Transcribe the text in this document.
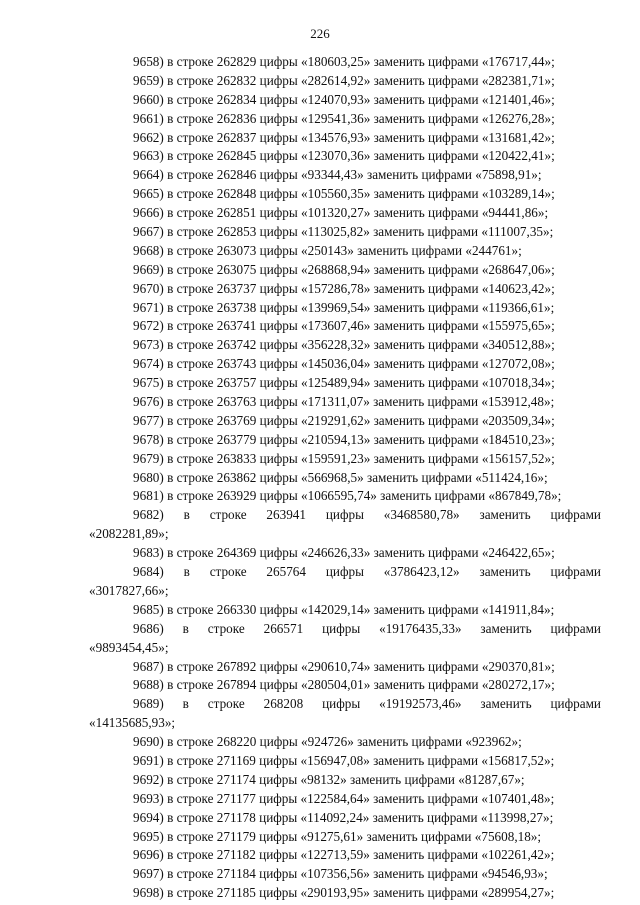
226
9658) в строке 262829 цифры «180603,25» заменить цифрами «176717,44»;
9659) в строке 262832 цифры «282614,92» заменить цифрами «282381,71»;
9660) в строке 262834 цифры «124070,93» заменить цифрами «121401,46»;
9661) в строке 262836 цифры «129541,36» заменить цифрами «126276,28»;
9662) в строке 262837 цифры «134576,93» заменить цифрами «131681,42»;
9663) в строке 262845 цифры «123070,36» заменить цифрами «120422,41»;
9664) в строке 262846 цифры «93344,43» заменить цифрами «75898,91»;
9665) в строке 262848 цифры «105560,35» заменить цифрами «103289,14»;
9666) в строке 262851 цифры «101320,27» заменить цифрами «94441,86»;
9667) в строке 262853 цифры «113025,82» заменить цифрами «111007,35»;
9668) в строке 263073 цифры «250143» заменить цифрами «244761»;
9669) в строке 263075 цифры «268868,94» заменить цифрами «268647,06»;
9670) в строке 263737 цифры «157286,78» заменить цифрами «140623,42»;
9671) в строке 263738 цифры «139969,54» заменить цифрами «119366,61»;
9672) в строке 263741 цифры «173607,46» заменить цифрами «155975,65»;
9673) в строке 263742 цифры «356228,32» заменить цифрами «340512,88»;
9674) в строке 263743 цифры «145036,04» заменить цифрами «127072,08»;
9675) в строке 263757 цифры «125489,94» заменить цифрами «107018,34»;
9676) в строке 263763 цифры «171311,07» заменить цифрами «153912,48»;
9677) в строке 263769 цифры «219291,62» заменить цифрами «203509,34»;
9678) в строке 263779 цифры «210594,13» заменить цифрами «184510,23»;
9679) в строке 263833 цифры «159591,23» заменить цифрами «156157,52»;
9680) в строке 263862 цифры «566968,5» заменить цифрами «511424,16»;
9681) в строке 263929 цифры «1066595,74» заменить цифрами «867849,78»;
9682) в строке 263941 цифры «3468580,78» заменить цифрами
«2082281,89»;
9683) в строке 264369 цифры «246626,33» заменить цифрами «246422,65»;
9684) в строке 265764 цифры «3786423,12» заменить цифрами
«3017827,66»;
9685) в строке 266330 цифры «142029,14» заменить цифрами «141911,84»;
9686) в строке 266571 цифры «19176435,33» заменить цифрами
«9893454,45»;
9687) в строке 267892 цифры «290610,74» заменить цифрами «290370,81»;
9688) в строке 267894 цифры «280504,01» заменить цифрами «280272,17»;
9689) в строке 268208 цифры «19192573,46» заменить цифрами
«14135685,93»;
9690) в строке 268220 цифры «924726» заменить цифрами «923962»;
9691) в строке 271169 цифры «156947,08» заменить цифрами «156817,52»;
9692) в строке 271174 цифры «98132» заменить цифрами «81287,67»;
9693) в строке 271177 цифры «122584,64» заменить цифрами «107401,48»;
9694) в строке 271178 цифры «114092,24» заменить цифрами «113998,27»;
9695) в строке 271179 цифры «91275,61» заменить цифрами «75608,18»;
9696) в строке 271182 цифры «122713,59» заменить цифрами «102261,42»;
9697) в строке 271184 цифры «107356,56» заменить цифрами «94546,93»;
9698) в строке 271185 цифры «290193,95» заменить цифрами «289954,27»;
